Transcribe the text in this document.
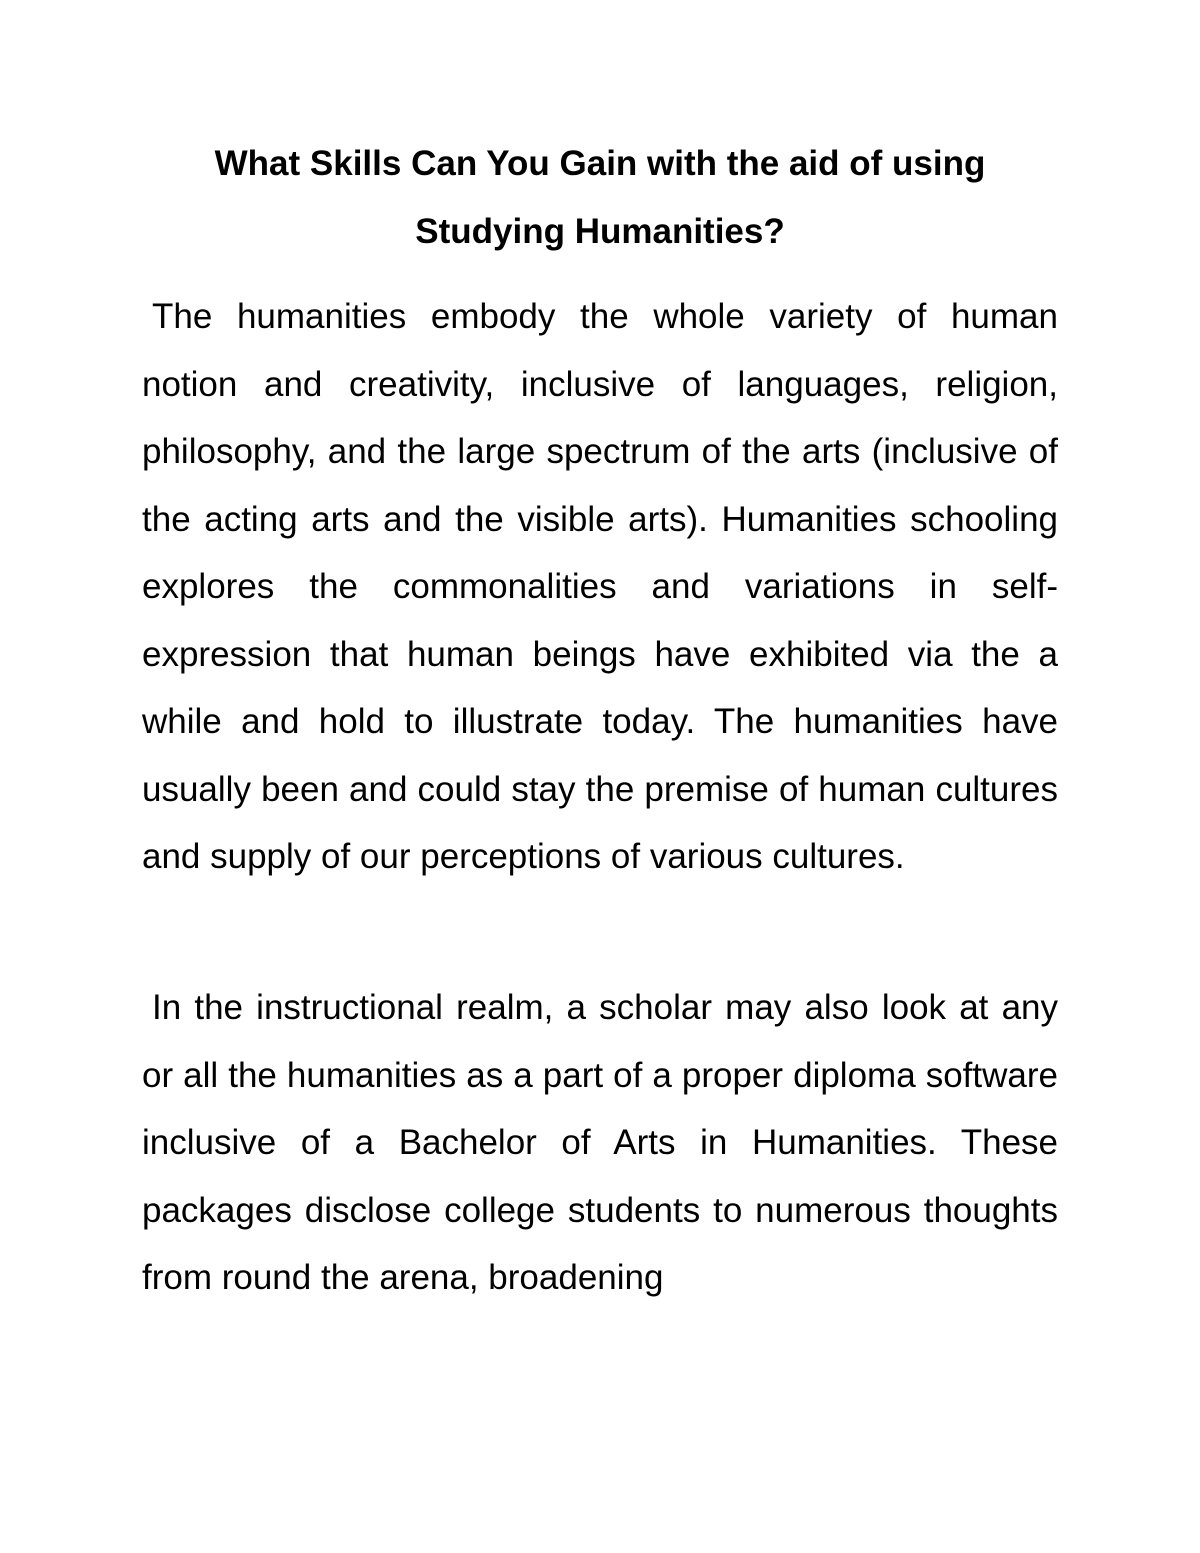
What Skills Can You Gain with the aid of using Studying Humanities?

The humanities embody the whole variety of human notion and creativity, inclusive of languages, religion, philosophy, and the large spectrum of the arts (inclusive of the acting arts and the visible arts). Humanities schooling explores the commonalities and variations in self-expression that human beings have exhibited via the a while and hold to illustrate today. The humanities have usually been and could stay the premise of human cultures and supply of our perceptions of various cultures.

In the instructional realm, a scholar may also look at any or all the humanities as a part of a proper diploma software inclusive of a Bachelor of Arts in Humanities. These packages disclose college students to numerous thoughts from round the arena, broadening
